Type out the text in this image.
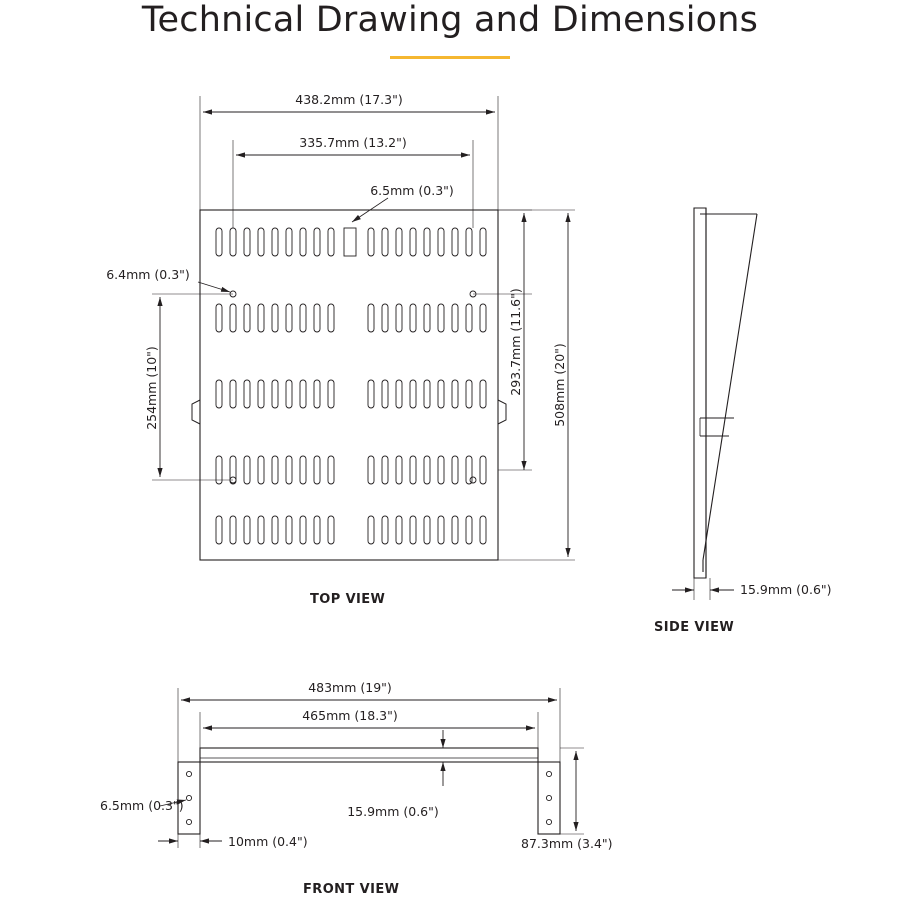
Technical Drawing and Dimensions
438.2mm (17.3")
335.7mm (13.2")
6.5mm (0.3")
6.4mm (0.3")
293.7mm (11.6") 508mm (20")
254mm (10")
15.9mm (0.6")
483mm (19")
465mm (18.3")
6.5mm (0.3")	15.9mm (0.6")
10mm (0.4")	87.3mm (3.4")
TOP VIEW
SIDE VIEW
FRONT VIEW
